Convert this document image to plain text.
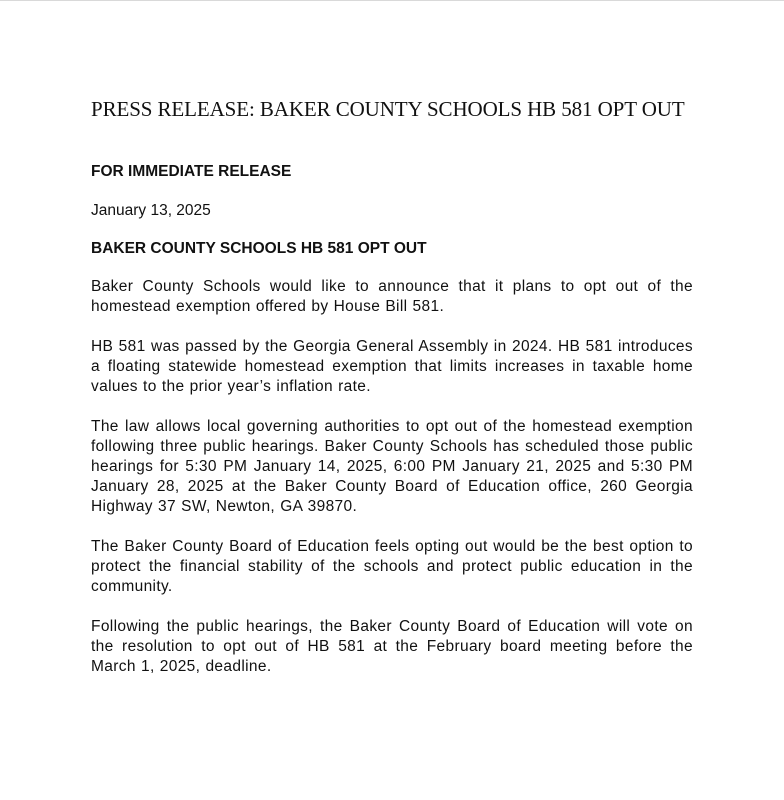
PRESS RELEASE: BAKER COUNTY SCHOOLS HB 581 OPT OUT
FOR IMMEDIATE RELEASE
January 13, 2025
BAKER COUNTY SCHOOLS HB 581 OPT OUT

Baker County Schools would like to announce that it plans to opt out of the homestead exemption offered by House Bill 581.

HB 581 was passed by the Georgia General Assembly in 2024. HB 581 introduces a floating statewide homestead exemption that limits increases in taxable home values to the prior year’s inflation rate.

The law allows local governing authorities to opt out of the homestead exemption following three public hearings. Baker County Schools has scheduled those public hearings for 5:30 PM January 14, 2025, 6:00 PM January 21, 2025 and 5:30 PM January 28, 2025 at the Baker County Board of Education office, 260 Georgia Highway 37 SW, Newton, GA 39870.

The Baker County Board of Education feels opting out would be the best option to protect the financial stability of the schools and protect public education in the community.

Following the public hearings, the Baker County Board of Education will vote on the resolution to opt out of HB 581 at the February board meeting before the March 1, 2025, deadline.
